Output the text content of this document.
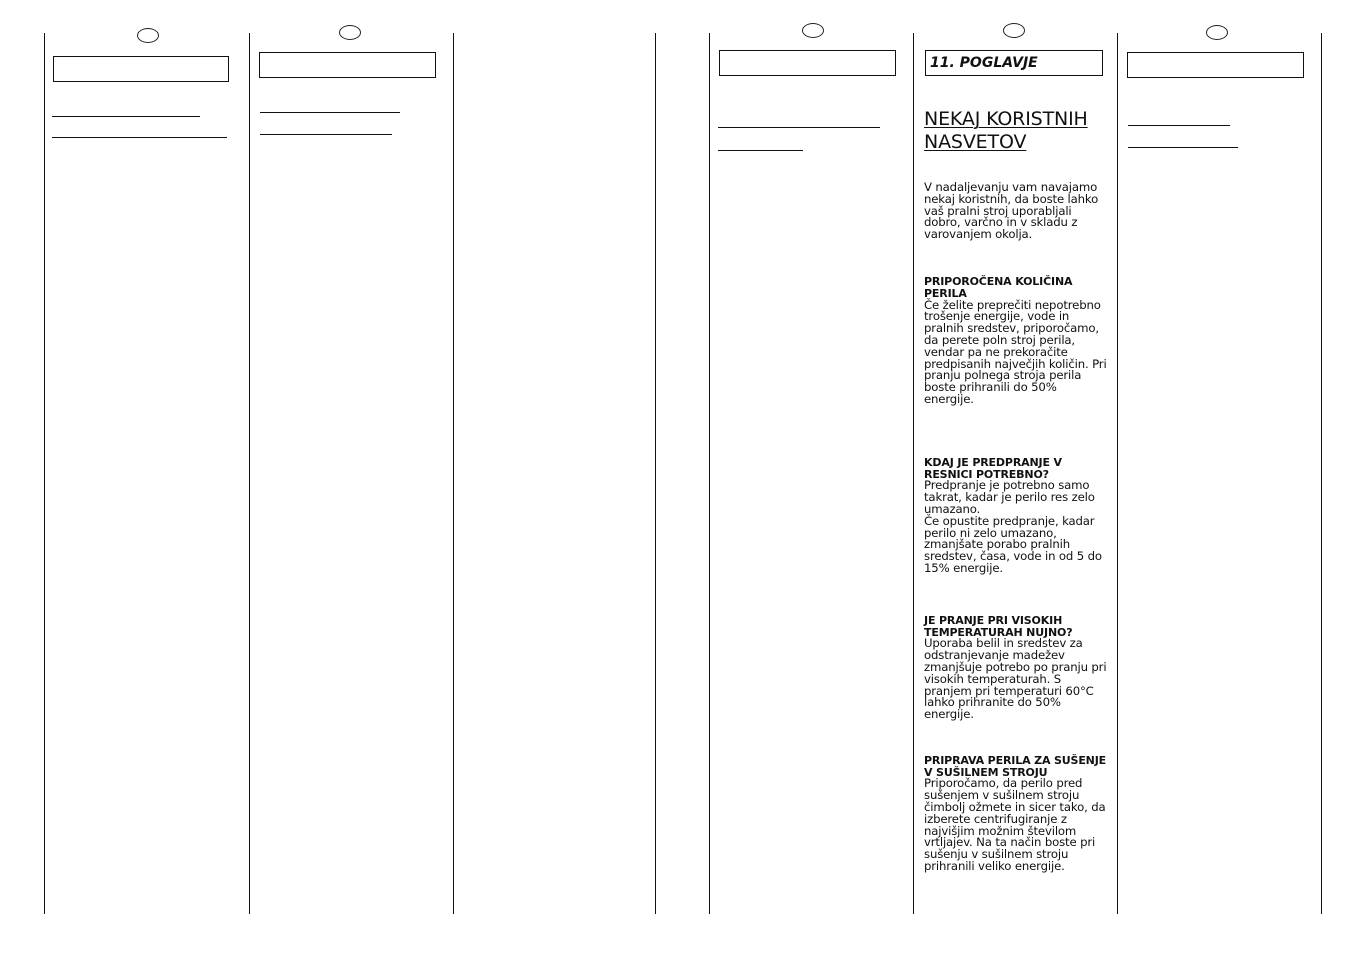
11. POGLAVJE
NEKAJ KORISTNIH
NASVETOV

V nadaljevanju vam navajamo nekaj koristnih, da boste lahko vaš pralni stroj uporabljali dobro, varčno in v skladu z varovanjem okolja.

PRIPOROČENA KOLIČINA PERILA

Če želite preprečiti nepotrebno trošenje energije, vode in pralnih sredstev, priporočamo, da perete poln stroj perila, vendar pa ne prekoračite predpisanih največjih količin. Pri pranju polnega stroja perila boste prihranili do 50% energije.

KDAJ JE PREDPRANJE V RESNICI POTREBNO?

Predpranje je potrebno samo takrat, kadar je perilo res zelo umazano.

Če opustite predpranje, kadar perilo ni zelo umazano, zmanjšate porabo pralnih sredstev, časa, vode in od 5 do 15% energije.

JE PRANJE PRI VISOKIH TEMPERATURAH NUJNO?

Uporaba belil in sredstev za odstranjevanje madežev zmanjšuje potrebo po pranju pri visokih temperaturah. S pranjem pri temperaturi 60°C lahko prihranite do 50% energije.

PRIPRAVA PERILA ZA SUŠENJE V SUŠILNEM STROJU

Priporočamo, da perilo pred sušenjem v sušilnem stroju čimbolj ožmete in sicer tako, da izberete centrifugiranje z najvišjim možnim številom vrtljajev. Na ta način boste pri sušenju v sušilnem stroju prihranili veliko energije.
